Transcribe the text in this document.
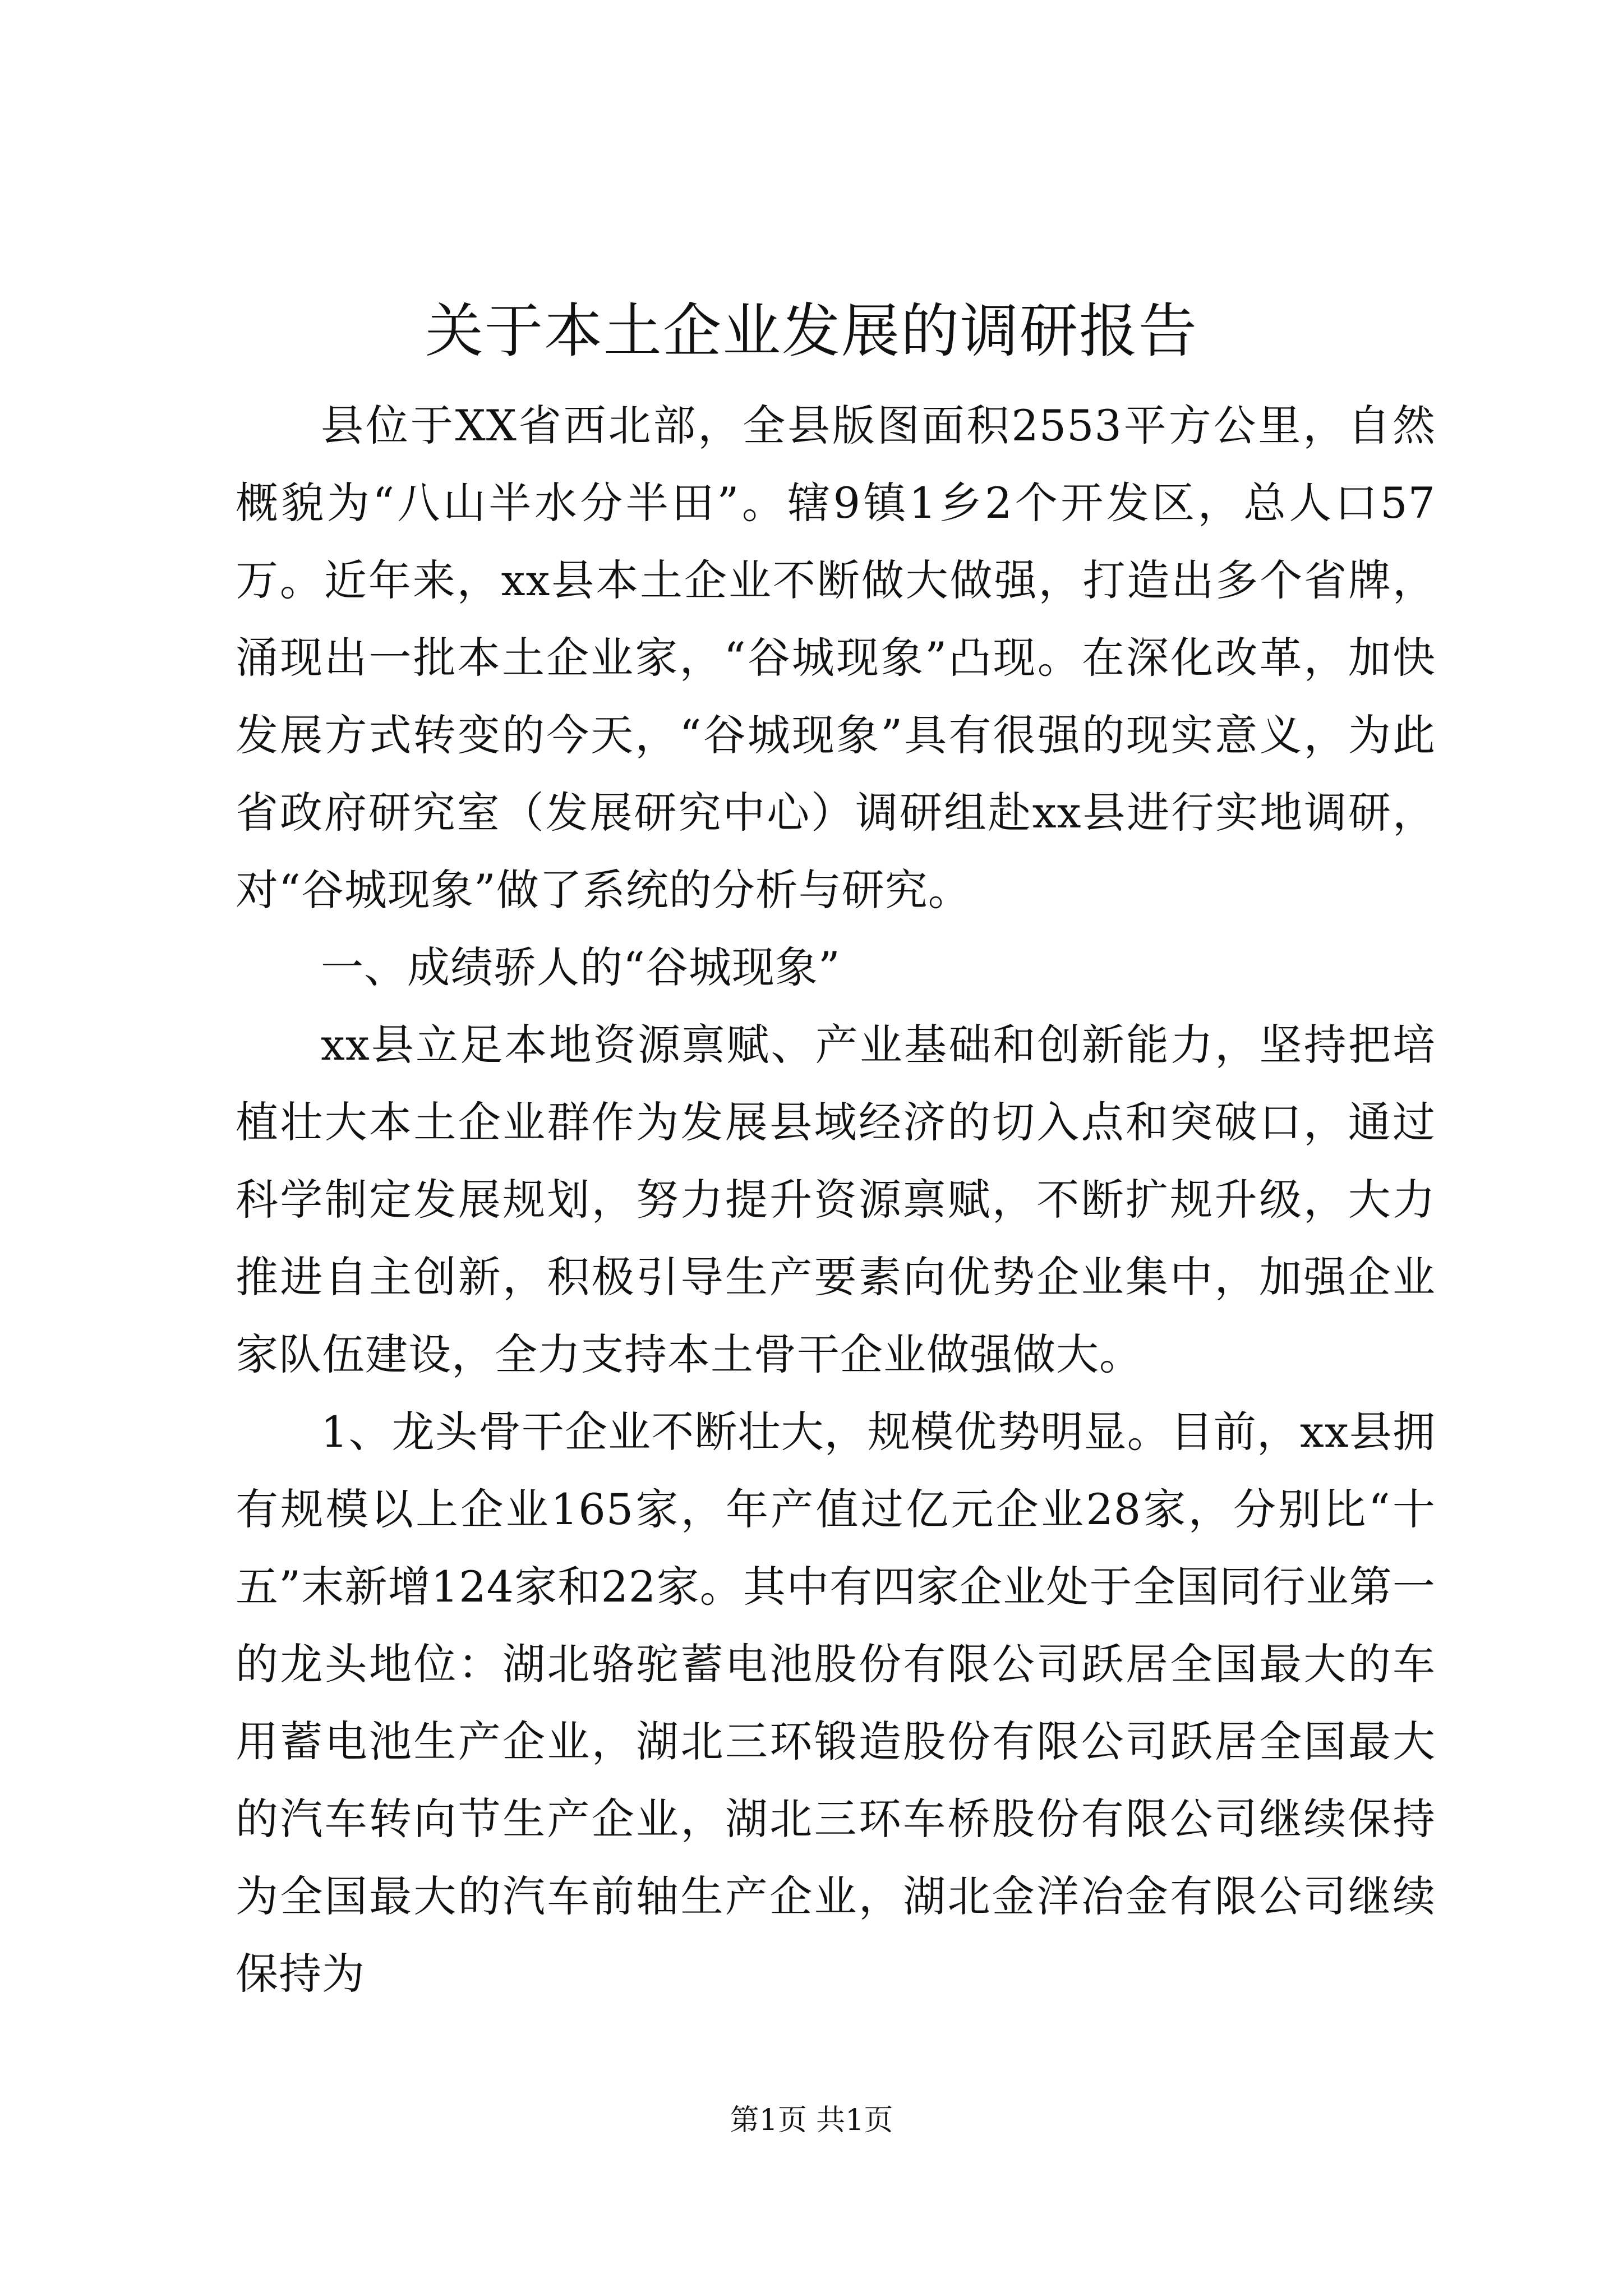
关于本土企业发展的调研报告

县位于XX省西北部，全县版图面积2553平方公里，自然概貌为“八山半水分半田”。辖9镇1乡2个开发区，总人口57万。近年来，xx县本土企业不断做大做强，打造出多个省牌，涌现出一批本土企业家，“谷城现象”凸现。在深化改革，加快发展方式转变的今天，“谷城现象”具有很强的现实意义，为此省政府研究室（发展研究中心）调研组赴xx县进行实地调研，对“谷城现象”做了系统的分析与研究。

一、成绩骄人的“谷城现象”

xx县立足本地资源禀赋、产业基础和创新能力，坚持把培植壮大本土企业群作为发展县域经济的切入点和突破口，通过科学制定发展规划，努力提升资源禀赋，不断扩规升级，大力推进自主创新，积极引导生产要素向优势企业集中，加强企业家队伍建设，全力支持本土骨干企业做强做大。

1、龙头骨干企业不断壮大，规模优势明显。目前，xx县拥有规模以上企业165家，年产值过亿元企业28家，分别比“十五”末新增124家和22家。其中有四家企业处于全国同行业第一的龙头地位：湖北骆驼蓄电池股份有限公司跃居全国最大的车用蓄电池生产企业，湖北三环锻造股份有限公司跃居全国最大的汽车转向节生产企业，湖北三环车桥股份有限公司继续保持为全国最大的汽车前轴生产企业，湖北金洋冶金有限公司继续保持为

第1页 共1页
